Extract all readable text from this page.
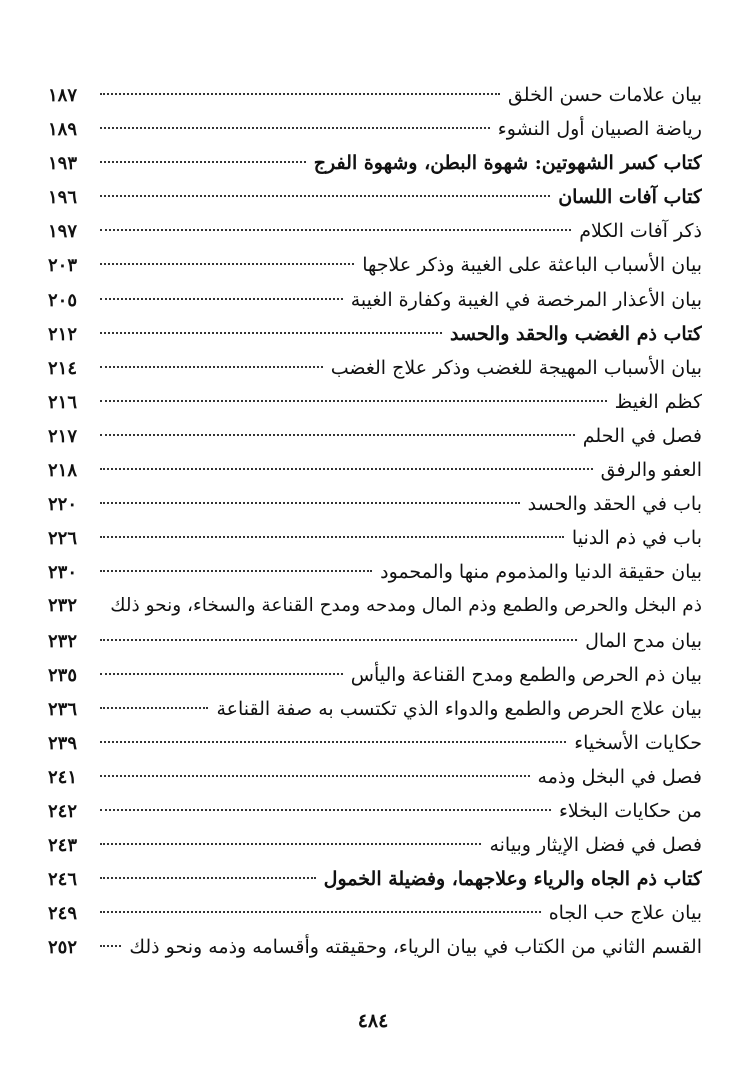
بيان علامات حسن الخلق
١٨٧
رياضة الصبيان أول النشوء
١٨٩
كتاب كسر الشهوتين: شهوة البطن، وشهوة الفرج
١٩٣
كتاب آفات اللسان
١٩٦
ذكر آفات الكلام
١٩٧
بيان الأسباب الباعثة على الغيبة وذكر علاجها
٢٠٣
بيان الأعذار المرخصة في الغيبة وكفارة الغيبة
٢٠٥
كتاب ذم الغضب والحقد والحسد
٢١٢
بيان الأسباب المهيجة للغضب وذكر علاج الغضب
٢١٤
كظم الغيظ
٢١٦
فصل في الحلم
٢١٧
العفو والرفق
٢١٨
باب في الحقد والحسد
٢٢٠
باب في ذم الدنيا
٢٢٦
بيان حقيقة الدنيا والمذموم منها والمحمود
٢٣٠
ذم البخل والحرص والطمع وذم المال ومدحه ومدح القناعة والسخاء، ونحو ذلك
٢٣٢
بيان مدح المال
٢٣٢
بيان ذم الحرص والطمع ومدح القناعة واليأس
٢٣٥
بيان علاج الحرص والطمع والدواء الذي تكتسب به صفة القناعة
٢٣٦
حكايات الأسخياء
٢٣٩
فصل في البخل وذمه
٢٤١
من حكايات البخلاء
٢٤٢
فصل في فضل الإيثار وبيانه
٢٤٣
كتاب ذم الجاه والرياء وعلاجهما، وفضيلة الخمول
٢٤٦
بيان علاج حب الجاه
٢٤٩
القسم الثاني من الكتاب في بيان الرياء، وحقيقته وأقسامه وذمه ونحو ذلك
٢٥٢
٤٨٤
